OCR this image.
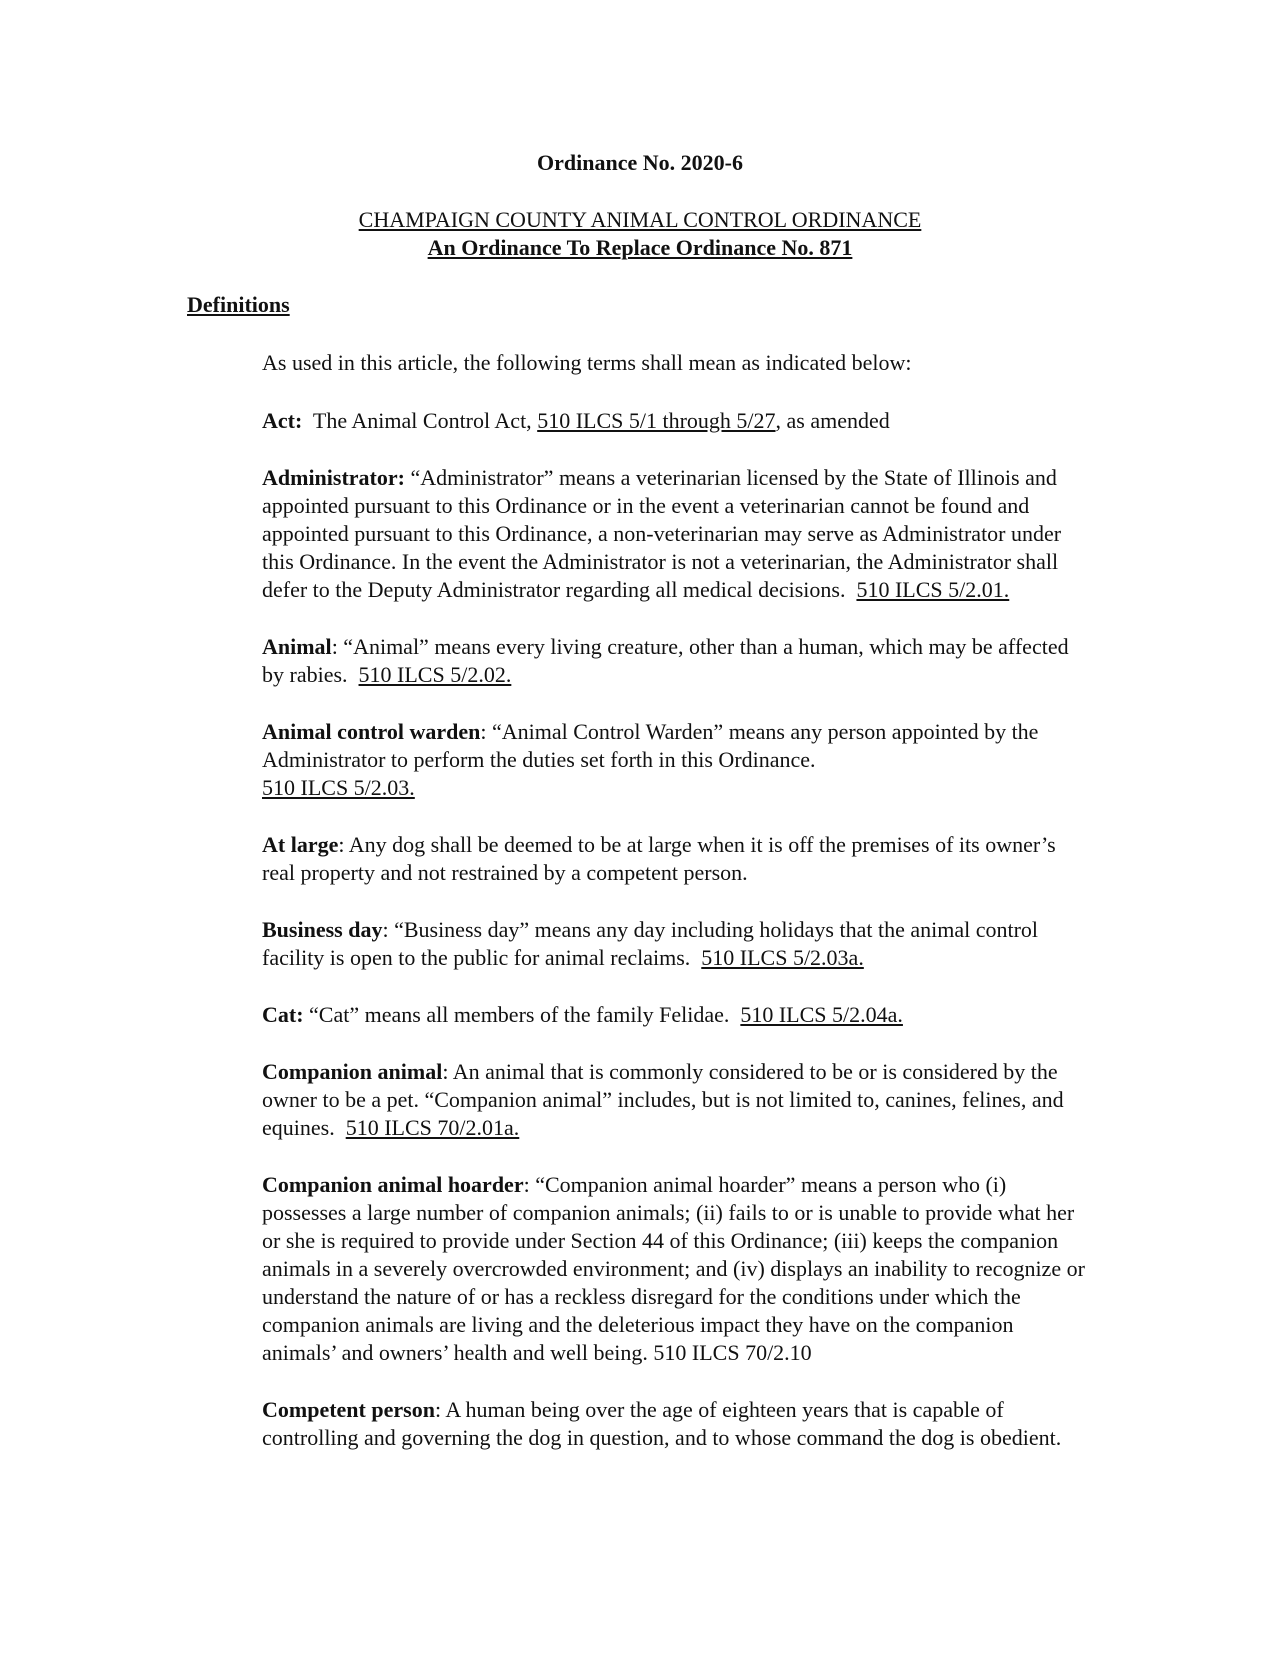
Ordinance No. 2020-6
CHAMPAIGN COUNTY ANIMAL CONTROL ORDINANCE
An Ordinance To Replace Ordinance No. 871
Definitions
As used in this article, the following terms shall mean as indicated below:

Act: The Animal Control Act, 510 ILCS 5/1 through 5/27, as amended

Administrator: “Administrator” means a veterinarian licensed by the State of Illinois and appointed pursuant to this Ordinance or in the event a veterinarian cannot be found and appointed pursuant to this Ordinance, a non-veterinarian may serve as Administrator under this Ordinance. In the event the Administrator is not a veterinarian, the Administrator shall defer to the Deputy Administrator regarding all medical decisions. 510 ILCS 5/2.01.

Animal: “Animal” means every living creature, other than a human, which may be affected by rabies. 510 ILCS 5/2.02.

Animal control warden: “Animal Control Warden” means any person appointed by the Administrator to perform the duties set forth in this Ordinance.
510 ILCS 5/2.03.

At large: Any dog shall be deemed to be at large when it is off the premises of its owner’s real property and not restrained by a competent person.

Business day: “Business day” means any day including holidays that the animal control facility is open to the public for animal reclaims. 510 ILCS 5/2.03a.

Cat: “Cat” means all members of the family Felidae. 510 ILCS 5/2.04a.

Companion animal: An animal that is commonly considered to be or is considered by the owner to be a pet. “Companion animal” includes, but is not limited to, canines, felines, and equines. 510 ILCS 70/2.01a.

Companion animal hoarder: “Companion animal hoarder” means a person who (i) possesses a large number of companion animals; (ii) fails to or is unable to provide what her or she is required to provide under Section 44 of this Ordinance; (iii) keeps the companion animals in a severely overcrowded environment; and (iv) displays an inability to recognize or understand the nature of or has a reckless disregard for the conditions under which the companion animals are living and the deleterious impact they have on the companion animals’ and owners’ health and well being. 510 ILCS 70/2.10

Competent person: A human being over the age of eighteen years that is capable of controlling and governing the dog in question, and to whose command the dog is obedient.
